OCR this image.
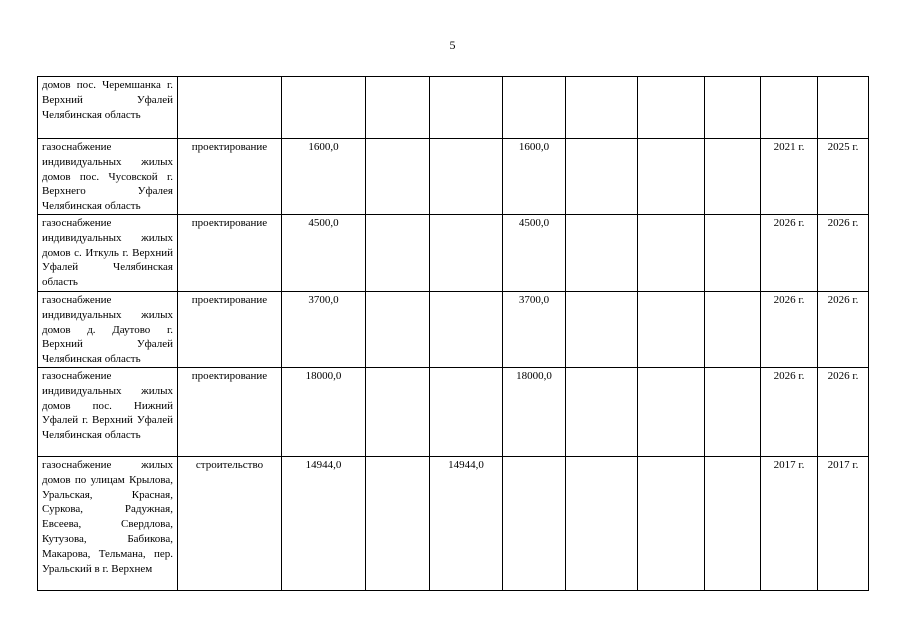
5
домов пос. Черемшанка г. Верхний Уфалей Челябинская область										
газоснабжение индивидуальных жилых домов пос. Чусовской г. Верхнего Уфалея Челябинская область	проектирование	1600,0			1600,0				2021 г.	2025 г.
газоснабжение индивидуальных жилых домов с. Иткуль г. Верхний Уфалей Челябинская область	проектирование	4500,0			4500,0				2026 г.	2026 г.
газоснабжение индивидуальных жилых домов д. Даутово г. Верхний Уфалей Челябинская область	проектирование	3700,0			3700,0				2026 г.	2026 г.
газоснабжение индивидуальных жилых домов пос. Нижний Уфалей г. Верхний Уфалей Челябинская область	проектирование	18000,0			18000,0				2026 г.	2026 г.
газоснабжение жилых домов по улицам Крылова, Уральская, Красная, Суркова, Радужная, Евсеева, Свердлова, Кутузова, Бабикова, Макарова, Тельмана, пер. Уральский в г. Верхнем	строительство	14944,0		14944,0					2017 г.	2017 г.
